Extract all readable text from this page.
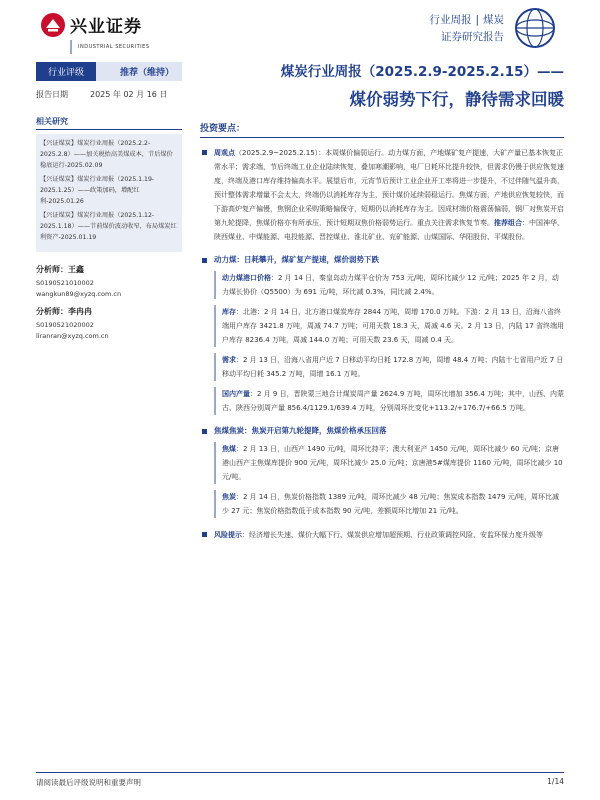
兴业证券
INDUSTRIAL SECURITIES
行业周报 | 煤炭
证券研究报告
行业评级	推荐（维持）
报告日期	2025 年 02 月 16 日
相关研究
【兴证煤炭】煤炭行业周报（2025.2.2-2025.2.8）——加关税抬高美煤成本，节后煤价稳底运行-2025.02.09
【兴证煤炭】煤炭行业周报（2025.1.19-2025.1.25）——政策加码，增配红利-2025.01.26
【兴证煤炭】煤炭行业周报（2025.1.12-2025.1.18）——节前煤价波动收窄，布局煤炭红利资产-2025.01.19
分析师：王鑫
S0190521010002
wangkun89@xyzq.com.cn
分析师：李冉冉
S0190521020002
liranran@xyzq.com.cn
煤炭行业周报（2025.2.9-2025.2.15）——
煤价弱势下行，静待需求回暖
投资要点：
周观点（2025.2.9~2025.2.15）：本周煤价偏弱运行。动力煤方面，产地煤矿复产提速，大矿产量已基本恢复正常水平；需求端，节后终端工业企业陆续恢复，叠加寒潮影响，电厂日耗环比提升较快，但需求仍慢于供应恢复速度，终端及港口库存维持偏高水平。展望后市，元宵节后预计工业企业开工率将进一步提升，不过伴随气温升高，预计整体需求增量不会太大，终端仍以消耗库存为主，预计煤价延续弱稳运行。焦煤方面，产地供应恢复较快，而下游高炉复产偏慢，焦钢企业采购策略偏保守，短期仍以消耗库存为主。因成材端价格震荡偏弱，钢厂对焦炭开启第九轮提降，焦煤价格亦有所承压，预计短期双焦价格弱势运行。重点关注需求恢复节奏。推荐组合：中国神华、陕西煤业、中煤能源、电投能源、晋控煤业、淮北矿业、兖矿能源、山煤国际、华阳股份、平煤股份。
动力煤：日耗攀升，煤矿复产提速，煤价弱势下跌
动力煤港口价格：2 月 14 日，秦皇岛动力煤平仓价为 753 元/吨，周环比减少 12 元/吨；2025 年 2 月，动力煤长协价（Q5500）为 691 元/吨，环比减 0.3%，同比减 2.4%。
库存：北港：2 月 14 日，北方港口煤炭库存 2844 万吨，周增 170.0 万吨。下游：2 月 13 日，沿海八省终端用户库存 3421.8 万吨，周减 74.7 万吨；可用天数 18.3 天，周减 4.6 天。2 月 13 日，内陆 17 省终端用户库存 8236.4 万吨，周减 144.0 万吨；可用天数 23.6 天，周减 0.4 天。
需求：2 月 13 日，沿海八省用户近 7 日移动平均日耗 172.8 万吨，周增 48.4 万吨；内陆十七省用户近 7 日移动平均日耗 345.2 万吨，周增 16.1 万吨。
国内产量：2 月 9 日，晋陕蒙三地合计煤炭周产量 2624.9 万吨，周环比增加 356.4 万吨；其中，山西、内蒙古、陕西分别周产量 856.4/1129.1/639.4 万吨，分别周环比变化+113.2/+176.7/+66.5 万吨。
焦煤焦炭：焦炭开启第九轮提降，焦煤价格承压回落
焦煤：2 月 13 日，山西产 1490 元/吨，周环比持平；澳大利亚产 1450 元/吨，周环比减少 60 元/吨；京唐港山西产主焦煤库提价 900 元/吨，周环比减少 25.0 元/吨；京唐港5#煤库提价 1160 元/吨，周环比减少 10 元/吨。
焦炭：2 月 14 日，焦炭价格指数 1389 元/吨，周环比减少 48 元/吨；焦炭成本指数 1479 元/吨，周环比减少 27 元；焦炭价格指数低于成本指数 90 元/吨，差额周环比增加 21 元/吨。
风险提示：经济增长失速、煤价大幅下行、煤炭供应增加超预期、行业政策调控风险、安监环保力度升级等
请阅读最后评级说明和重要声明	1/14
